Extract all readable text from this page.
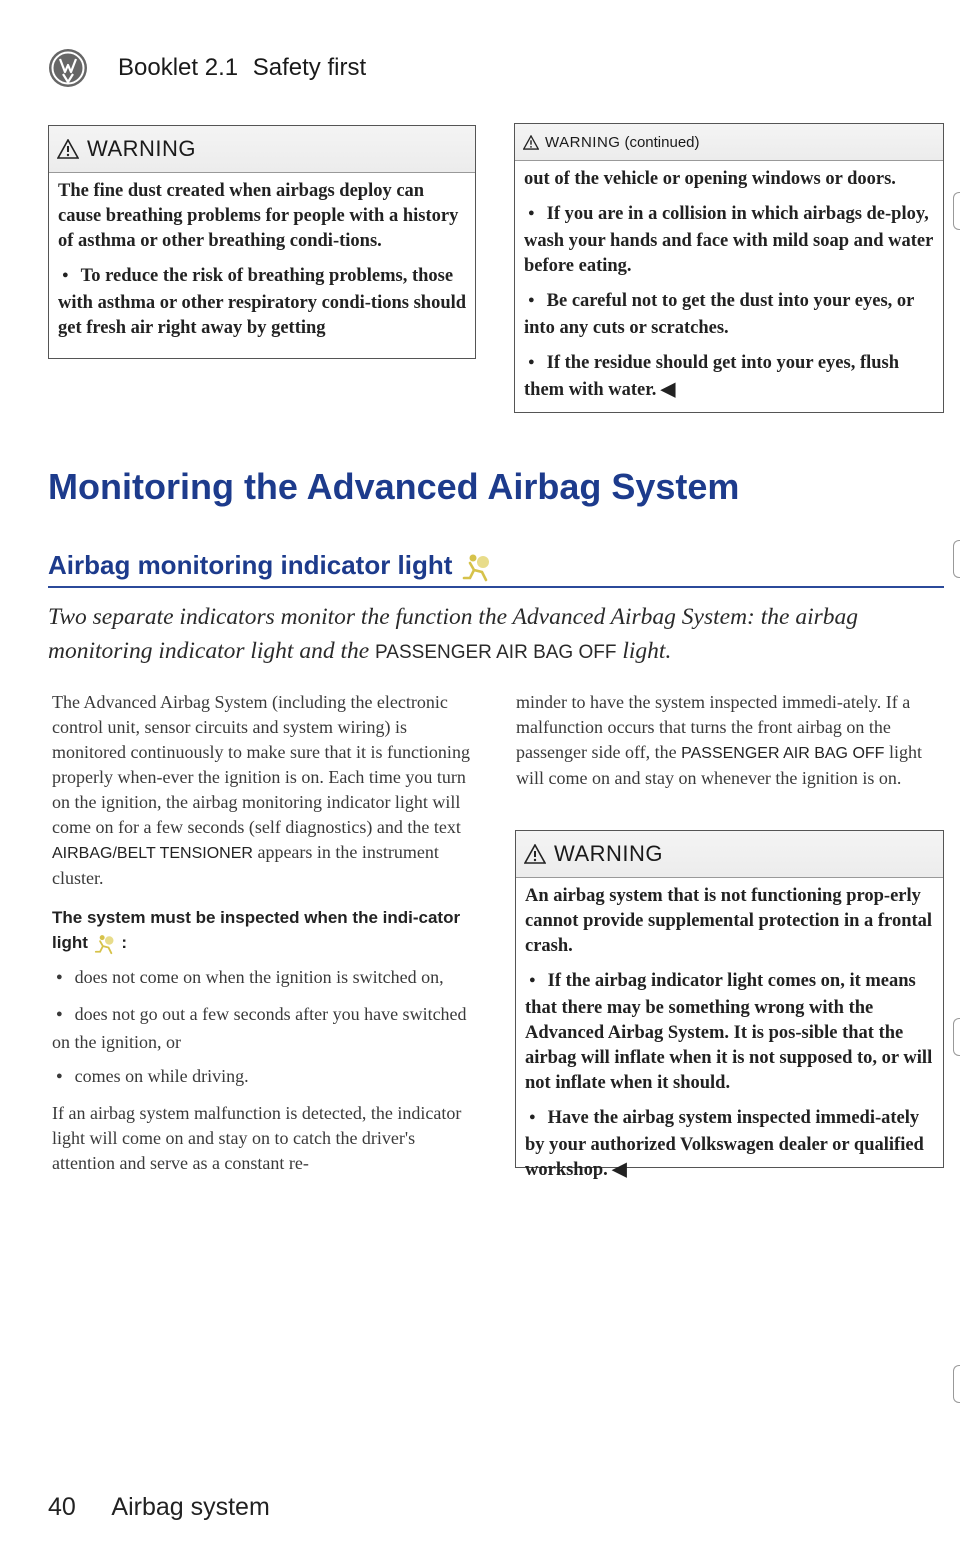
Booklet 2.1 Safety first
WARNING

The fine dust created when airbags deploy can cause breathing problems for people with a history of asthma or other breathing condi-tions.

● To reduce the risk of breathing problems, those with asthma or other respiratory condi-tions should get fresh air right away by getting

WARNING (continued)

out of the vehicle or opening windows or doors.

● If you are in a collision in which airbags de-ploy, wash your hands and face with mild soap and water before eating.

● Be careful not to get the dust into your eyes, or into any cuts or scratches.

● If the residue should get into your eyes, flush them with water. ◀

Monitoring the Advanced Airbag System
Airbag monitoring indicator light
Two separate indicators monitor the function the Advanced Airbag System: the airbag monitoring indicator light and the PASSENGER AIR BAG OFF light.

The Advanced Airbag System (including the electronic control unit, sensor circuits and system wiring) is monitored continuously to make sure that it is functioning properly when-ever the ignition is on. Each time you turn on the ignition, the airbag monitoring indicator light will come on for a few seconds (self diagnostics) and the text AIRBAG/BELT TENSIONER appears in the instrument cluster.

The system must be inspected when the indi-cator light :

● does not come on when the ignition is switched on,

● does not go out a few seconds after you have switched on the ignition, or

● comes on while driving.

If an airbag system malfunction is detected, the indicator light will come on and stay on to catch the driver's attention and serve as a constant re-

minder to have the system inspected immedi-ately. If a malfunction occurs that turns the front airbag on the passenger side off, the PASSENGER AIR BAG OFF light will come on and stay on whenever the ignition is on.

WARNING

An airbag system that is not functioning prop-erly cannot provide supplemental protection in a frontal crash.

● If the airbag indicator light comes on, it means that there may be something wrong with the Advanced Airbag System. It is pos-sible that the airbag will inflate when it is not supposed to, or will not inflate when it should.

● Have the airbag system inspected immedi-ately by your authorized Volkswagen dealer or qualified workshop. ◀

40 Airbag system
